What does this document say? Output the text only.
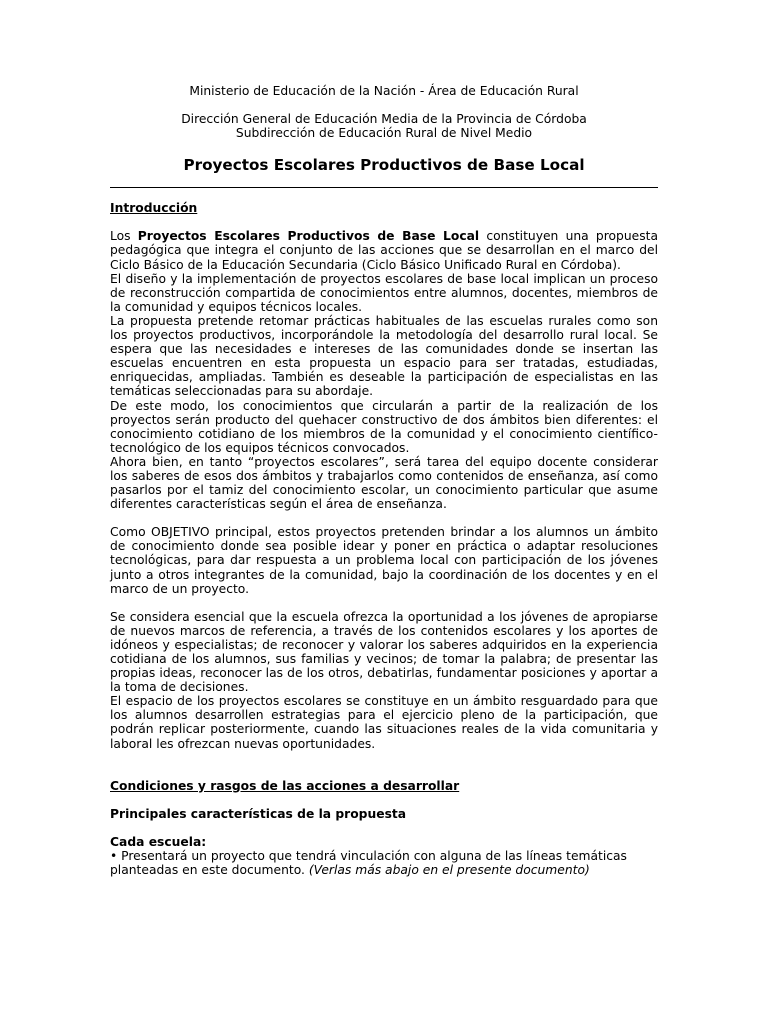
Ministerio de Educación de la Nación - Área de Educación Rural
Dirección General de Educación Media de la Provincia de Córdoba
Subdirección de Educación Rural de Nivel Medio
Proyectos Escolares Productivos de Base Local
Introducción

Los Proyectos Escolares Productivos de Base Local constituyen una propuesta pedagógica que integra el conjunto de las acciones que se desarrollan en el marco del Ciclo Básico de la Educación Secundaria (Ciclo Básico Unificado Rural en Córdoba).

El diseño y la implementación de proyectos escolares de base local implican un proceso de reconstrucción compartida de conocimientos entre alumnos, docentes, miembros de la comunidad y equipos técnicos locales.

La propuesta pretende retomar prácticas habituales de las escuelas rurales como son los proyectos productivos, incorporándole la metodología del desarrollo rural local. Se espera que las necesidades e intereses de las comunidades donde se insertan las escuelas encuentren en esta propuesta un espacio para ser tratadas, estudiadas, enriquecidas, ampliadas. También es deseable la participación de especialistas en las temáticas seleccionadas para su abordaje.

De este modo, los conocimientos que circularán a partir de la realización de los proyectos serán producto del quehacer constructivo de dos ámbitos bien diferentes: el conocimiento cotidiano de los miembros de la comunidad y el conocimiento científico-tecnológico de los equipos técnicos convocados.

Ahora bien, en tanto “proyectos escolares”, será tarea del equipo docente considerar los saberes de esos dos ámbitos y trabajarlos como contenidos de enseñanza, así como pasarlos por el tamiz del conocimiento escolar, un conocimiento particular que asume diferentes características según el área de enseñanza.

Como OBJETIVO principal, estos proyectos pretenden brindar a los alumnos un ámbito de conocimiento donde sea posible idear y poner en práctica o adaptar resoluciones tecnológicas, para dar respuesta a un problema local con participación de los jóvenes junto a otros integrantes de la comunidad, bajo la coordinación de los docentes y en el marco de un proyecto.

Se considera esencial que la escuela ofrezca la oportunidad a los jóvenes de apropiarse de nuevos marcos de referencia, a través de los contenidos escolares y los aportes de idóneos y especialistas; de reconocer y valorar los saberes adquiridos en la experiencia cotidiana de los alumnos, sus familias y vecinos; de tomar la palabra; de presentar las propias ideas, reconocer las de los otros, debatirlas, fundamentar posiciones y aportar a la toma de decisiones.

El espacio de los proyectos escolares se constituye en un ámbito resguardado para que los alumnos desarrollen estrategias para el ejercicio pleno de la participación, que podrán replicar posteriormente, cuando las situaciones reales de la vida comunitaria y laboral les ofrezcan nuevas oportunidades.

Condiciones y rasgos de las acciones a desarrollar
Principales características de la propuesta
Cada escuela:

• Presentará un proyecto que tendrá vinculación con alguna de las líneas temáticas planteadas en este documento. (Verlas más abajo en el presente documento)
